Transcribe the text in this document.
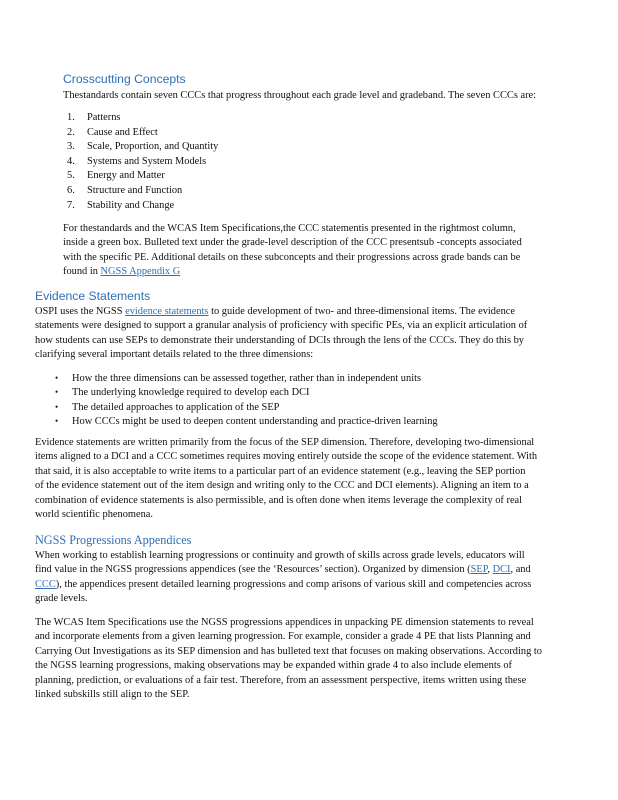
Crosscutting Concepts

Thestandards contain seven CCCs that progress throughout each grade level and gradeband. The seven CCCs are:

1. Patterns
2. Cause and Effect
3. Scale, Proportion, and Quantity
4. Systems and System Models
5. Energy and Matter
6. Structure and Function
7. Stability and Change

For thestandards and the WCAS Item Specifications,the CCC statementis presented in the rightmost column,
inside a green box. Bulleted text under the grade-level description of the CCC presentsub -concepts associated
with the specific PE. Additional details on these subconcepts and their progressions across grade bands can be
found in NGSS Appendix G

Evidence Statements

OSPI uses the NGSS evidence statements to guide development of two- and three-dimensional items. The evidence
statements were designed to support a granular analysis of proficiency with specific PEs, via an explicit articulation of
how students can use SEPs to demonstrate their understanding of DCIs through the lens of the CCCs. They do this by
clarifying several important details related to the three dimensions:

• How the three dimensions can be assessed together, rather than in independent units
• The underlying knowledge required to develop each DCI
• The detailed approaches to application of the SEP
• How CCCs might be used to deepen content understanding and practice-driven learning

Evidence statements are written primarily from the focus of the SEP dimension. Therefore, developing two-dimensional
items aligned to a DCI and a CCC sometimes requires moving entirely outside the scope of the evidence statement. With
that said, it is also acceptable to write items to a particular part of an evidence statement (e.g., leaving the SEP portion
of the evidence statement out of the item design and writing only to the CCC and DCI elements). Aligning an item to a
combination of evidence statements is also permissible, and is often done when items leverage the complexity of real
world scientific phenomena.

NGSS Progressions Appendices

When working to establish learning progressions or continuity and growth of skills across grade levels, educators will
find value in the NGSS progressions appendices (see the ‘Resources’ section). Organized by dimension (SEP, DCI, and
CCC), the appendices present detailed learning progressions and comp arisons of various skill and competencies across
grade levels.

The WCAS Item Specifications use the NGSS progressions appendices in unpacking PE dimension statements to reveal
and incorporate elements from a given learning progression. For example, consider a grade 4 PE that lists Planning and
Carrying Out Investigations as its SEP dimension and has bulleted text that focuses on making observations. According to
the NGSS learning progressions, making observations may be expanded within grade 4 to also include elements of
planning, prediction, or evaluations of a fair test. Therefore, from an assessment perspective, items written using these
linked subskills still align to the SEP.
